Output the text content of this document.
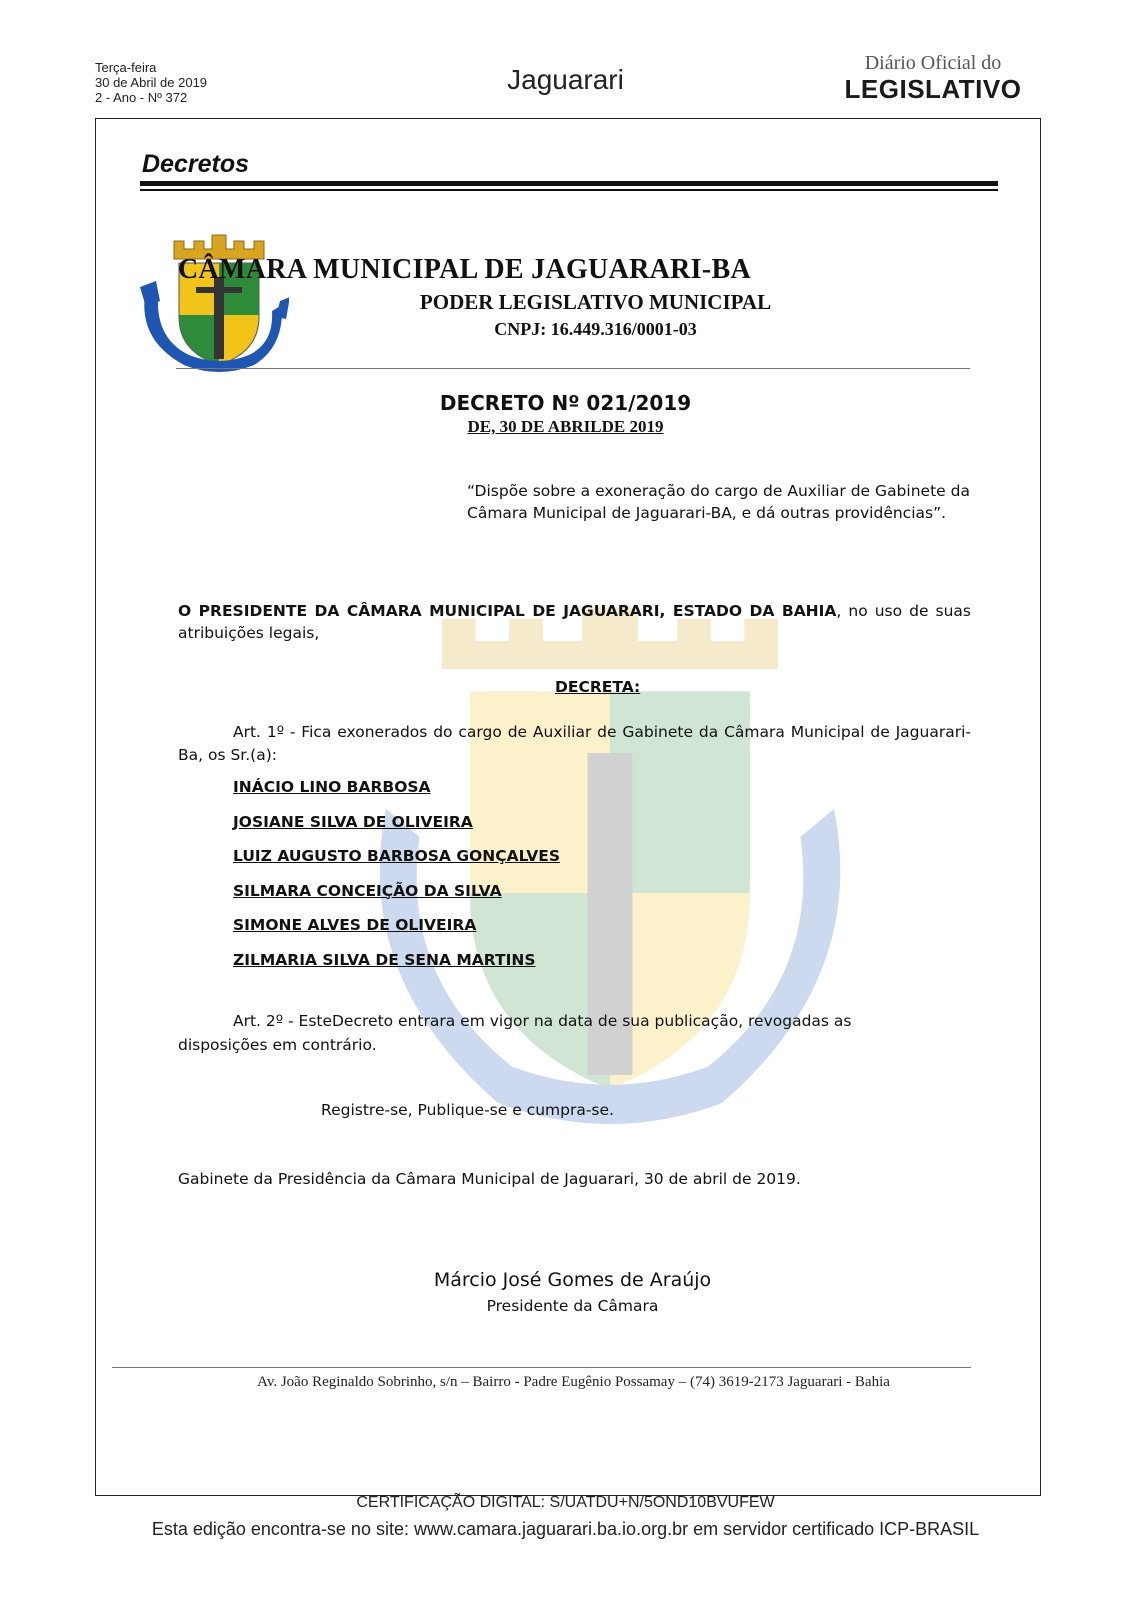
Terça-feira
30 de Abril de 2019
2 - Ano - Nº 372
Jaguarari
Diário Oficial do
LEGISLATIVO
Decretos
CÂMARA MUNICIPAL DE JAGUARARI-BA
PODER LEGISLATIVO MUNICIPAL
CNPJ: 16.449.316/0001-03
DECRETO Nº 021/2019
DE, 30 DE ABRILDE 2019
“Dispõe sobre a exoneração do cargo de Auxiliar de Gabinete da Câmara Municipal de Jaguarari-BA, e dá outras providências”.
O PRESIDENTE DA CÂMARA MUNICIPAL DE JAGUARARI, ESTADO DA BAHIA, no uso de suas atribuições legais,
DECRETA:
Art. 1º - Fica exonerados do cargo de Auxiliar de Gabinete da Câmara Municipal de Jaguarari-Ba, os Sr.(a):
INÁCIO LINO BARBOSA
JOSIANE SILVA DE OLIVEIRA
LUIZ AUGUSTO BARBOSA GONÇALVES
SILMARA CONCEIÇÃO DA SILVA
SIMONE ALVES DE OLIVEIRA
ZILMARIA SILVA DE SENA MARTINS
Art. 2º - EsteDecreto entrara em vigor na data de sua publicação, revogadas as disposições em contrário.
Registre-se, Publique-se e cumpra-se.
Gabinete da Presidência da Câmara Municipal de Jaguarari, 30 de abril de 2019.
Márcio José Gomes de Araújo
Presidente da Câmara
Av. João Reginaldo Sobrinho, s/n – Bairro - Padre Eugênio Possamay – (74) 3619-2173 Jaguarari - Bahia
CERTIFICAÇÃO DIGITAL: S/UATDU+N/5OND10BVUFEW
Esta edição encontra-se no site: www.camara.jaguarari.ba.io.org.br em servidor certificado ICP-BRASIL
